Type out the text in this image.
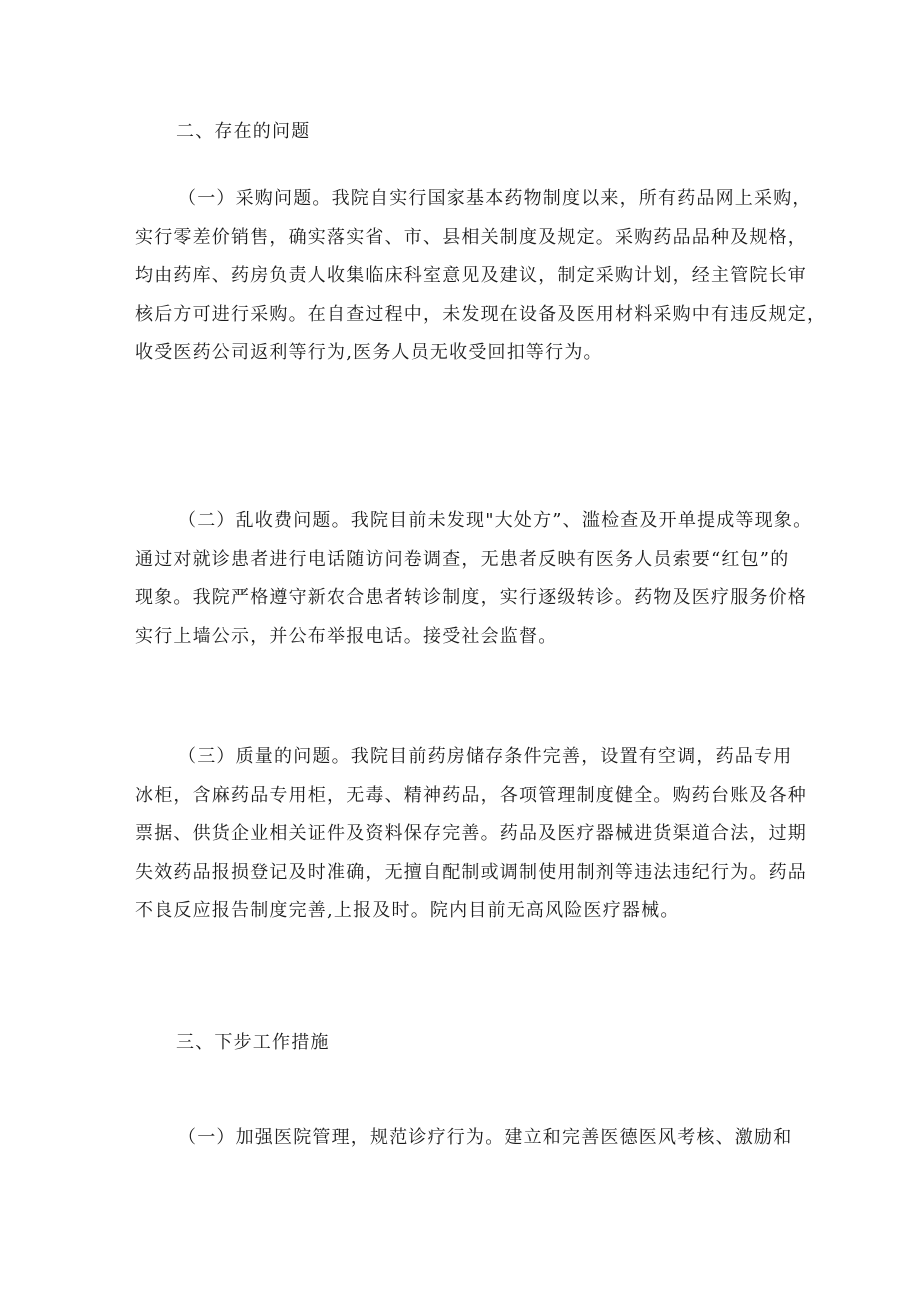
二、存在的问题
（一）采购问题。我院自实行国家基本药物制度以来，所有药品网上采购，
实行零差价销售，确实落实省、市、县相关制度及规定。采购药品品种及规格，
均由药库、药房负责人收集临床科室意见及建议，制定采购计划，经主管院长审
核后方可进行采购。在自查过程中，未发现在设备及医用材料采购中有违反规定，
收受医药公司返利等行为,医务人员无收受回扣等行为。
（二）乱收费问题。我院目前未发现"大处方”、滥检查及开单提成等现象。
通过对就诊患者进行电话随访问卷调查，无患者反映有医务人员索要“红包”的
现象。我院严格遵守新农合患者转诊制度，实行逐级转诊。药物及医疗服务价格
实行上墙公示，并公布举报电话。接受社会监督。
（三）质量的问题。我院目前药房储存条件完善，设置有空调，药品专用
冰柜，含麻药品专用柜，无毒、精神药品，各项管理制度健全。购药台账及各种
票据、供货企业相关证件及资料保存完善。药品及医疗器械进货渠道合法，过期
失效药品报损登记及时准确，无擅自配制或调制使用制剂等违法违纪行为。药品
不良反应报告制度完善,上报及时。院内目前无高风险医疗器械。
三、下步工作措施
（一）加强医院管理，规范诊疗行为。建立和完善医德医风考核、激励和
